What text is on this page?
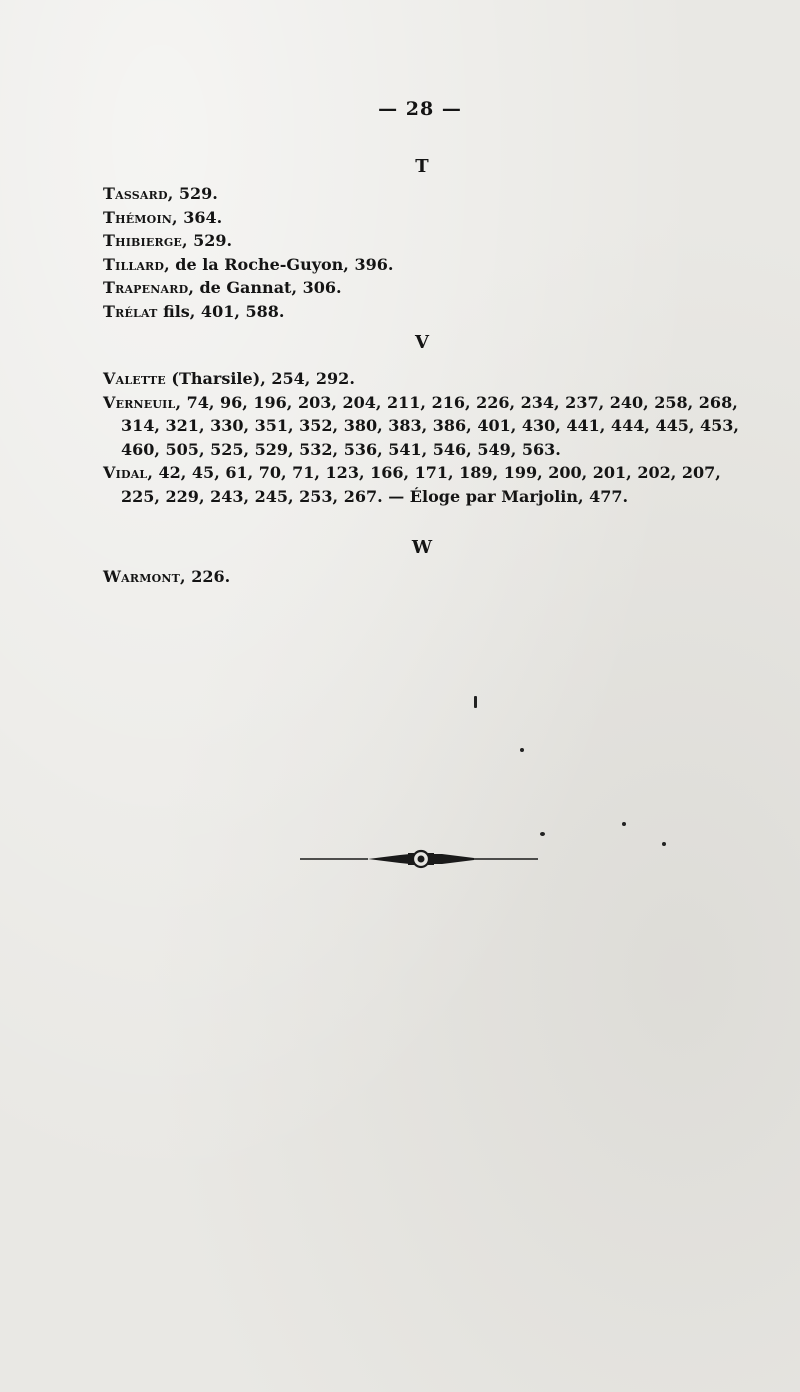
— 28 —
T

Tassard, 529.

Thémoin, 364.

Thibierge, 529.

Tillard, de la Roche-Guyon, 396.

Trapenard, de Gannat, 306.

Trélat fils, 401, 588.

V

Valette (Tharsile), 254, 292.

Verneuil, 74, 96, 196, 203, 204, 211, 216, 226, 234, 237, 240, 258, 268, 314, 321, 330, 351, 352, 380, 383, 386, 401, 430, 441, 444, 445, 453, 460, 505, 525, 529, 532, 536, 541, 546, 549, 563.

Vidal, 42, 45, 61, 70, 71, 123, 166, 171, 189, 199, 200, 201, 202, 207, 225, 229, 243, 245, 253, 267. — Éloge par Marjolin, 477.

W

Warmont, 226.
